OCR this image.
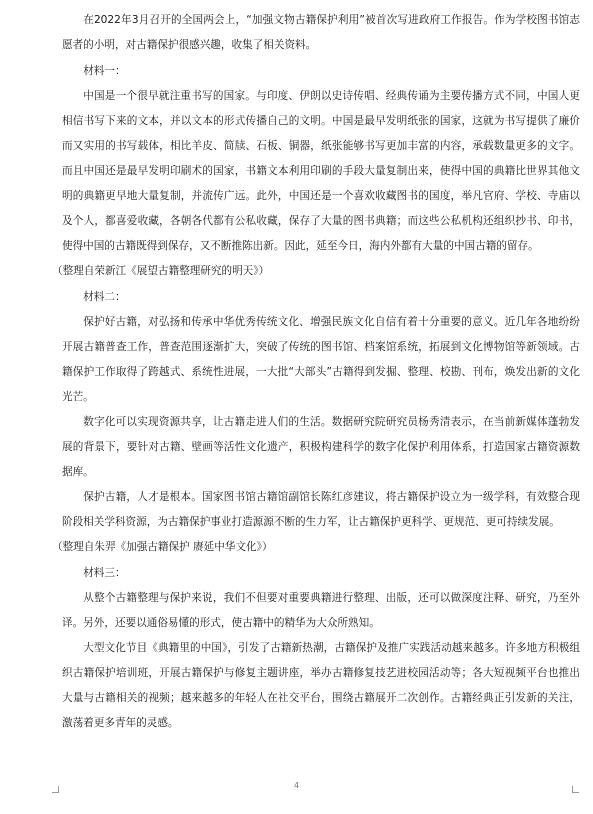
在2022年3月召开的全国两会上，“加强文物古籍保护利用”被首次写进政府工作报告。作为学校图书馆志愿者的小明，对古籍保护很感兴趣，收集了相关资料。

材料一：

中国是一个很早就注重书写的国家。与印度、伊朗以史诗传唱、经典传诵为主要传播方式不同，中国人更相信书写下来的文本，并以文本的形式传播自己的文明。中国是最早发明纸张的国家，这就为书写提供了廉价而又实用的书写载体，相比羊皮、简牍、石板、铜器，纸张能够书写更加丰富的内容，承载数量更多的文字。而且中国还是最早发明印刷术的国家，书籍文本利用印刷的手段大量复制出来，使得中国的典籍比世界其他文明的典籍更早地大量复制，并流传广远。此外，中国还是一个喜欢收藏图书的国度，举凡官府、学校、寺庙以及个人，都喜爱收藏，各朝各代都有公私收藏，保存了大量的图书典籍；而这些公私机构还组织抄书、印书，使得中国的古籍既得到保存，又不断推陈出新。因此，延至今日，海内外都有大量的中国古籍的留存。

（整理自荣新江《展望古籍整理研究的明天》）

材料二：

保护好古籍，对弘扬和传承中华优秀传统文化、增强民族文化自信有着十分重要的意义。近几年各地纷纷开展古籍普查工作，普查范围逐渐扩大，突破了传统的图书馆、档案馆系统，拓展到文化博物馆等新领域。古籍保护工作取得了跨越式、系统性进展，一大批“大部头”古籍得到发掘、整理、校勘、刊布，焕发出新的文化光芒。

数字化可以实现资源共享，让古籍走进人们的生活。数据研究院研究员杨秀清表示，在当前新媒体蓬勃发展的背景下，要针对古籍、壁画等活性文化遗产，积极构建科学的数字化保护利用体系，打造国家古籍资源数据库。

保护古籍，人才是根本。国家图书馆古籍馆副馆长陈红彦建议，将古籍保护设立为一级学科，有效整合现阶段相关学科资源，为古籍保护事业打造源源不断的生力军，让古籍保护更科学、更规范、更可持续发展。

（整理自朱羿《加强古籍保护 赓延中华文化》）

材料三：

从整个古籍整理与保护来说，我们不但要对重要典籍进行整理、出版，还可以做深度注释、研究，乃至外译。另外，还要以通俗易懂的形式，使古籍中的精华为大众所熟知。

大型文化节目《典籍里的中国》，引发了古籍新热潮，古籍保护及推广实践活动越来越多。许多地方积极组织古籍保护培训班，开展古籍保护与修复主题讲座，举办古籍修复技艺进校园活动等；各大短视频平台也推出大量与古籍相关的视频；越来越多的年轻人在社交平台，围绕古籍展开二次创作。古籍经典正引发新的关注，激荡着更多青年的灵感。

4
